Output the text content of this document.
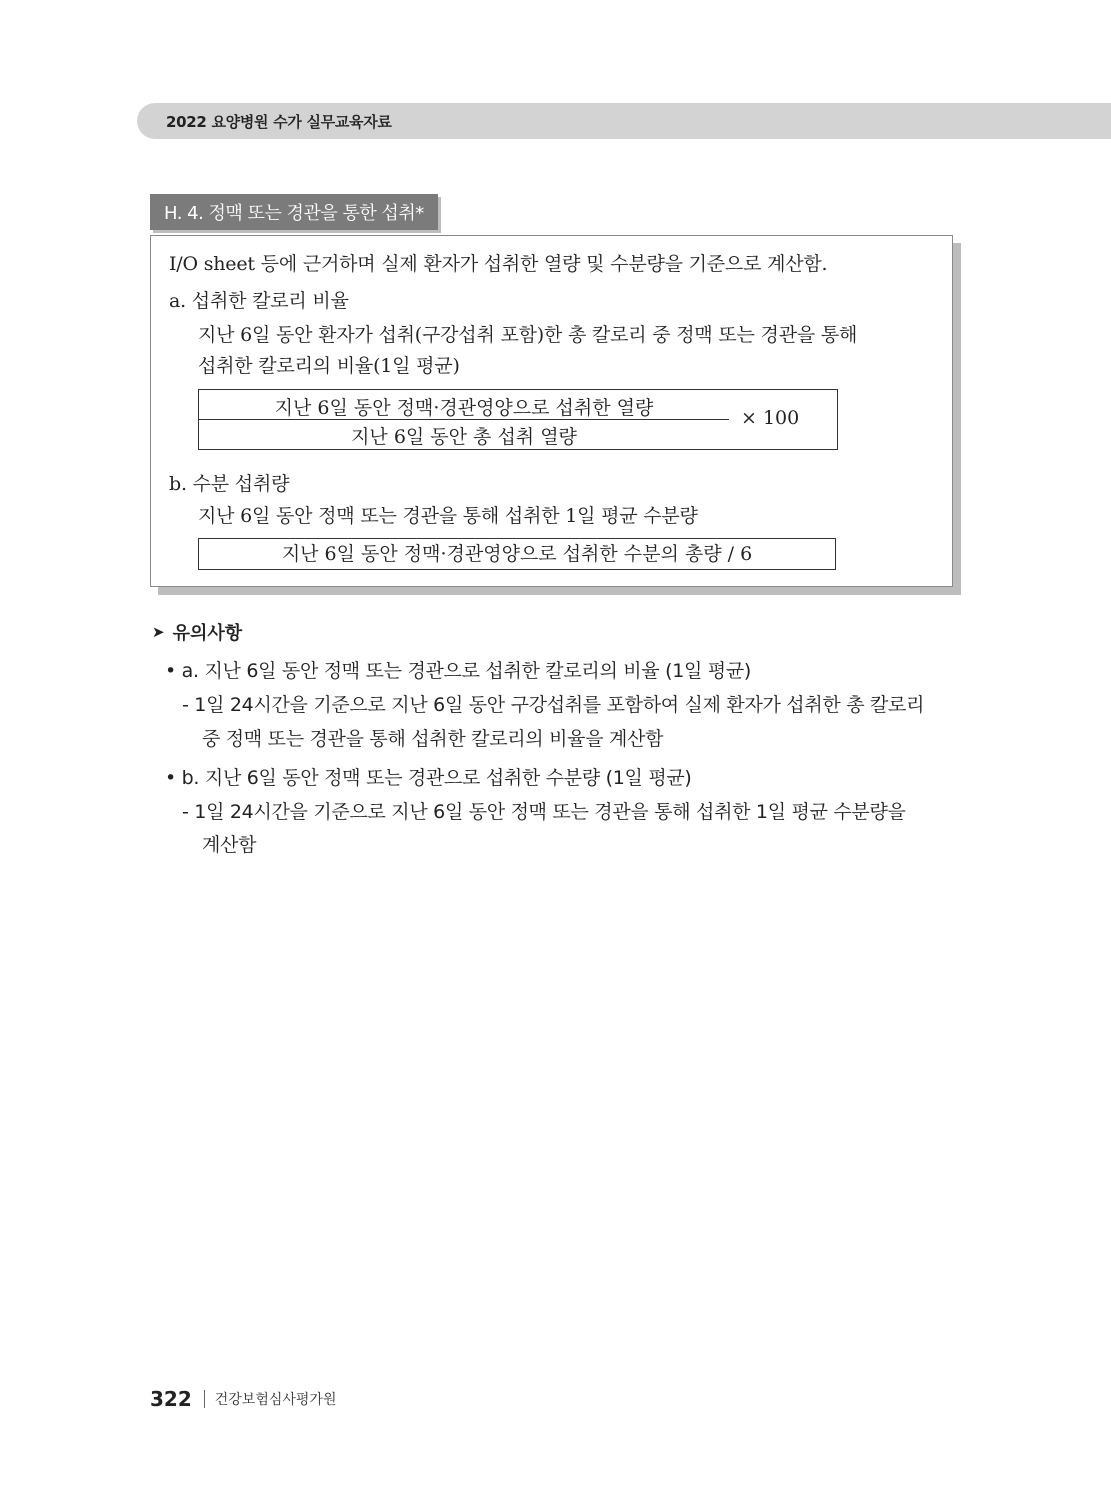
2022 요양병원 수가 실무교육자료
H. 4. 정맥 또는 경관을 통한 섭취*
I/O sheet 등에 근거하며 실제 환자가 섭취한 열량 및 수분량을 기준으로 계산함.
a. 섭취한 칼로리 비율
지난 6일 동안 환자가 섭취(구강섭취 포함)한 총 칼로리 중 정맥 또는 경관을 통해
섭취한 칼로리의 비율(1일 평균)
지난 6일 동안 정맥·경관영양으로 섭취한 열량
지난 6일 동안 총 섭취 열량
× 100
b. 수분 섭취량
지난 6일 동안 정맥 또는 경관을 통해 섭취한 1일 평균 수분량
지난 6일 동안 정맥·경관영양으로 섭취한 수분의 총량 / 6
➤ 유의사항
• a. 지난 6일 동안 정맥 또는 경관으로 섭취한 칼로리의 비율 (1일 평균)
- 1일 24시간을 기준으로 지난 6일 동안 구강섭취를 포함하여 실제 환자가 섭취한 총 칼로리
중 정맥 또는 경관을 통해 섭취한 칼로리의 비율을 계산함
• b. 지난 6일 동안 정맥 또는 경관으로 섭취한 수분량 (1일 평균)
- 1일 24시간을 기준으로 지난 6일 동안 정맥 또는 경관을 통해 섭취한 1일 평균 수분량을
계산함
322 건강보험심사평가원
